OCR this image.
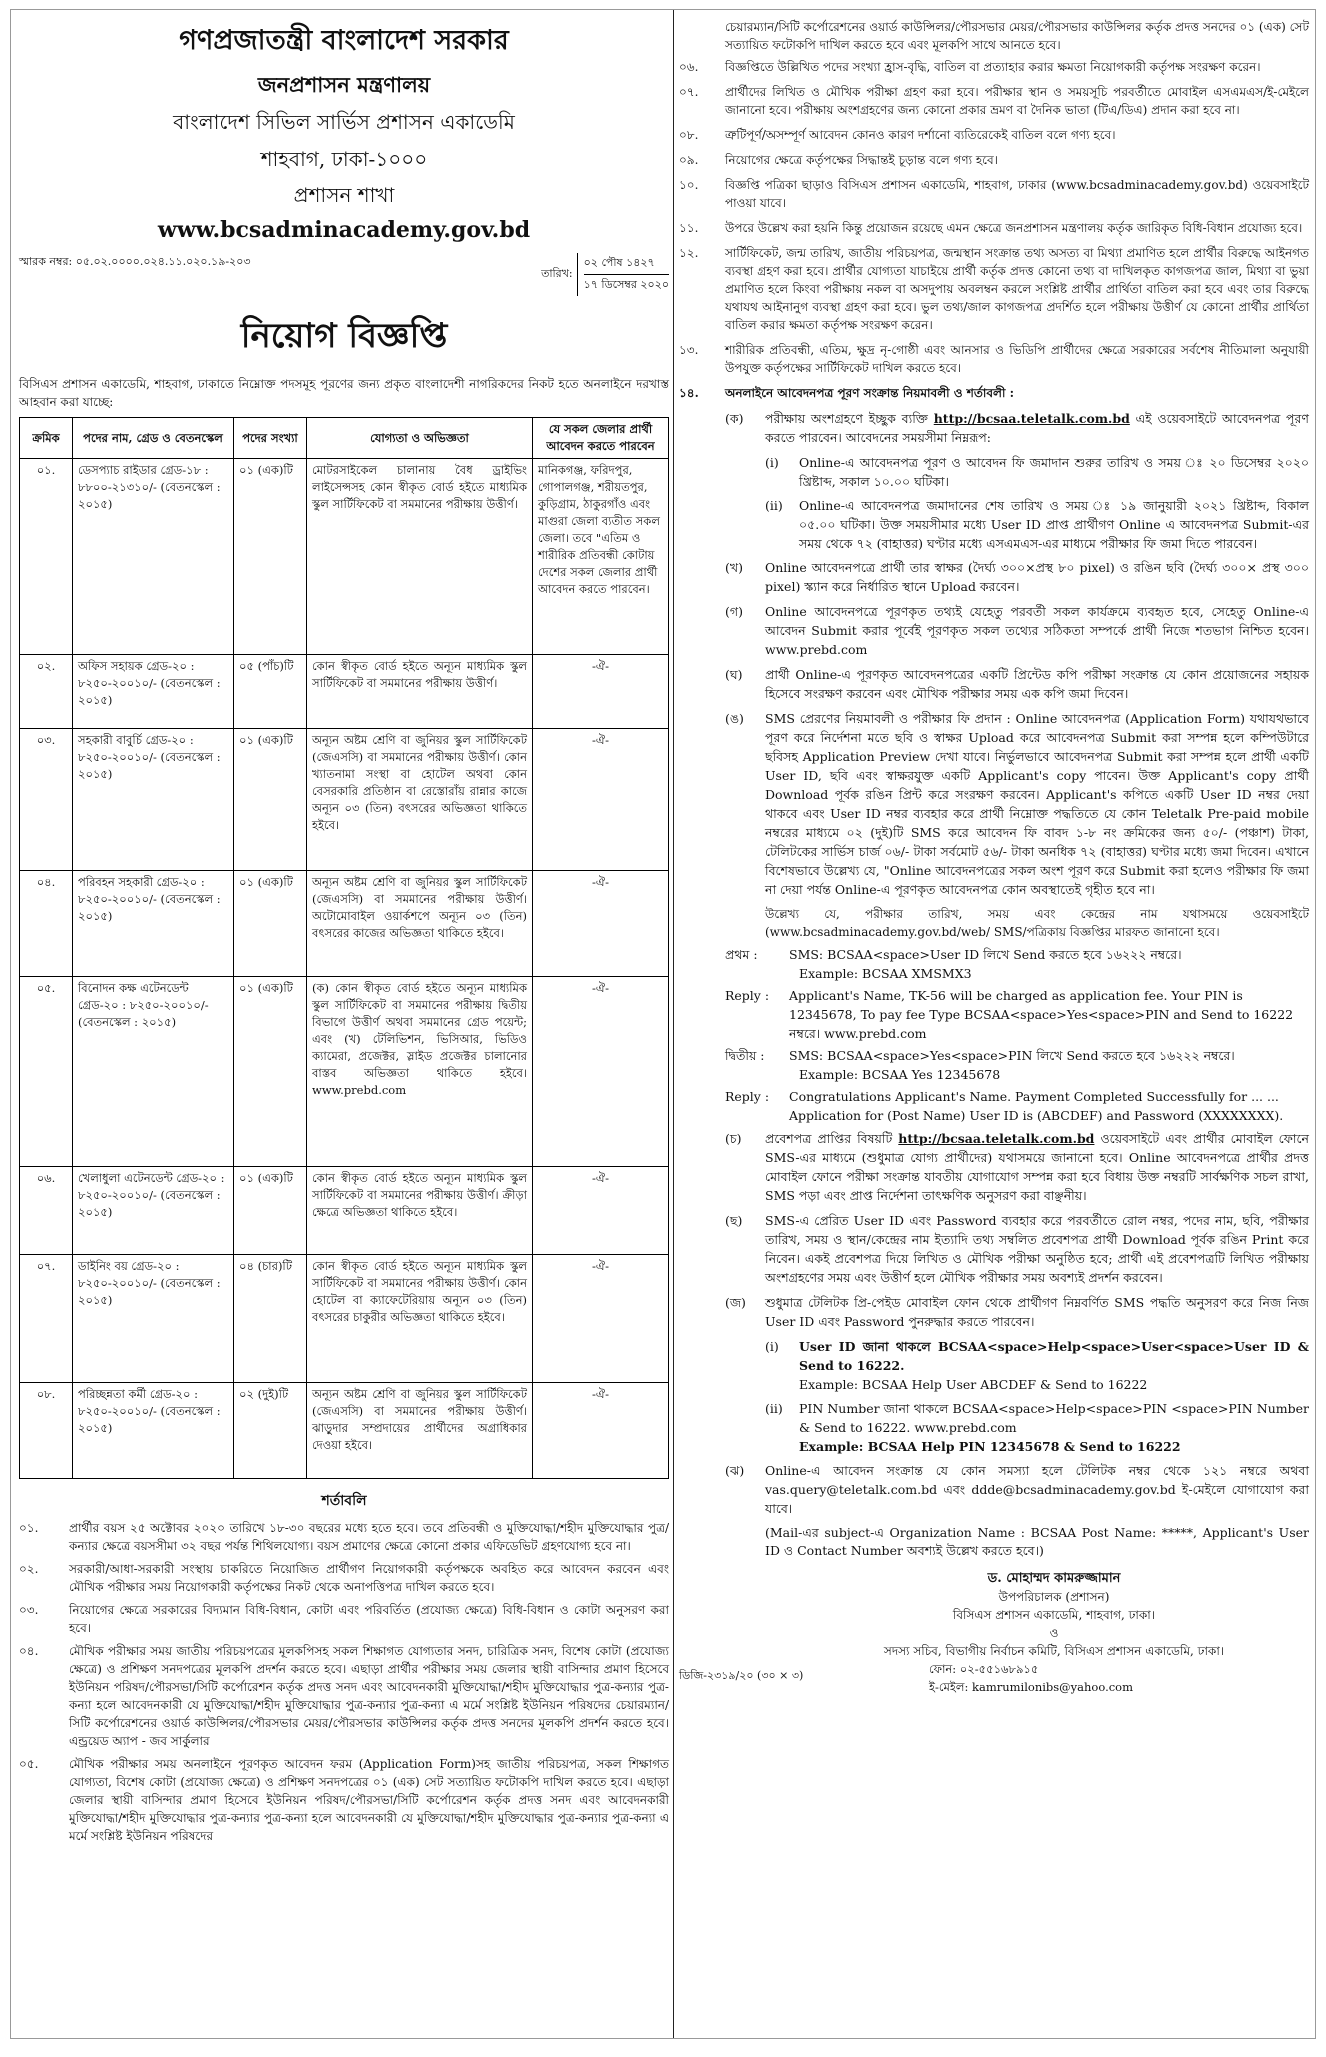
গণপ্রজাতন্ত্রী বাংলাদেশ সরকার
জনপ্রশাসন মন্ত্রণালয়
বাংলাদেশ সিভিল সার্ভিস প্রশাসন একাডেমি
শাহবাগ, ঢাকা-১০০০
প্রশাসন শাখা
www.bcsadminacademy.gov.bd
স্মারক নম্বর: ০৫.০২.০০০০.০২৪.১১.০২০.১৯-২০৩
তারিখ:
০২ পৌষ ১৪২৭
১৭ ডিসেম্বর ২০২০
নিয়োগ বিজ্ঞপ্তি
বিসিএস প্রশাসন একাডেমি, শাহবাগ, ঢাকাতে নিম্নোক্ত পদসমূহ পূরণের জন্য প্রকৃত বাংলাদেশী নাগরিকদের নিকট হতে অনলাইনে দরখাস্ত আহবান করা যাচ্ছে:
ক্রমিক	পদের নাম, গ্রেড ও বেতনস্কেল	পদের সংখ্যা	যোগ্যতা ও অভিজ্ঞতা	যে সকল জেলার প্রার্থী আবেদন করতে পারবেন
০১.	ডেসপ্যাচ রাইডার গ্রেড-১৮ : ৮৮০০-২১৩১০/- (বেতনস্কেল : ২০১৫)	০১ (এক)টি	মোটরসাইকেল চালানায় বৈধ ড্রাইভিং লাইসেন্সসহ কোন স্বীকৃত বোর্ড হইতে মাধ্যমিক স্কুল সার্টিফিকেট বা সমমানের পরীক্ষায় উত্তীর্ণ।	মানিকগঞ্জ, ফরিদপুর, গোপালগঞ্জ, শরীয়তপুর, কুড়িগ্রাম, ঠাকুরগাঁও এবং মাগুরা জেলা ব্যতীত সকল জেলা। তবে "এতিম ও শারীরিক প্রতিবন্ধী কোটায় দেশের সকল জেলার প্রার্থী আবেদন করতে পারবেন।
০২.	অফিস সহায়ক গ্রেড-২০ : ৮২৫০-২০০১০/- (বেতনস্কেল : ২০১৫)	০৫ (পাঁচ)টি	কোন স্বীকৃত বোর্ড হইতে অন্যূন মাধ্যমিক স্কুল সার্টিফিকেট বা সমমানের পরীক্ষায় উত্তীর্ণ।	-ঐ-
০৩.	সহকারী বাবুর্চি গ্রেড-২০ : ৮২৫০-২০০১০/- (বেতনস্কেল : ২০১৫)	০১ (এক)টি	অন্যূন অষ্টম শ্রেণি বা জুনিয়র স্কুল সার্টিফিকেট (জেএসসি) বা সমমানের পরীক্ষায় উত্তীর্ণ। কোন খ্যাতনামা সংস্থা বা হোটেল অথবা কোন বেসরকারি প্রতিষ্ঠান বা রেস্তোরাঁয় রান্নার কাজে অন্যূন ০৩ (তিন) বৎসরের অভিজ্ঞতা থাকিতে হইবে।	-ঐ-
০৪.	পরিবহন সহকারী গ্রেড-২০ : ৮২৫০-২০০১০/- (বেতনস্কেল : ২০১৫)	০১ (এক)টি	অন্যূন অষ্টম শ্রেণি বা জুনিয়র স্কুল সার্টিফিকেট (জেএসসি) বা সমমানের পরীক্ষায় উত্তীর্ণ। অটোমোবাইল ওয়ার্কশপে অন্যূন ০৩ (তিন) বৎসরের কাজের অভিজ্ঞতা থাকিতে হইবে।	-ঐ-
০৫.	বিনোদন কক্ষ এটেনডেন্ট গ্রেড-২০ : ৮২৫০-২০০১০/- (বেতনস্কেল : ২০১৫)	০১ (এক)টি	(ক) কোন স্বীকৃত বোর্ড হইতে অন্যূন মাধ্যমিক স্কুল সার্টিফিকেট বা সমমানের পরীক্ষায় দ্বিতীয় বিভাগে উত্তীর্ণ অথবা সমমানের গ্রেড পয়েন্ট; এবং (খ) টেলিভিশন, ভিসিআর, ভিডিও ক্যামেরা, প্রজেক্টর, স্লাইড প্রজেক্টর চালানোর বাস্তব অভিজ্ঞতা থাকিতে হইবে। www.prebd.com	-ঐ-
০৬.	খেলাধুলা এটেনডেন্ট গ্রেড-২০ : ৮২৫০-২০০১০/- (বেতনস্কেল : ২০১৫)	০১ (এক)টি	কোন স্বীকৃত বোর্ড হইতে অন্যূন মাধ্যমিক স্কুল সার্টিফিকেট বা সমমানের পরীক্ষায় উত্তীর্ণ। ক্রীড়া ক্ষেত্রে অভিজ্ঞতা থাকিতে হইবে।	-ঐ-
০৭.	ডাইনিং বয় গ্রেড-২০ : ৮২৫০-২০০১০/- (বেতনস্কেল : ২০১৫)	০৪ (চার)টি	কোন স্বীকৃত বোর্ড হইতে অন্যূন মাধ্যমিক স্কুল সার্টিফিকেট বা সমমানের পরীক্ষায় উত্তীর্ণ। কোন হোটেল বা ক্যাফেটেরিয়ায় অন্যূন ০৩ (তিন) বৎসরের চাকুরীর অভিজ্ঞতা থাকিতে হইবে।	-ঐ-
০৮.	পরিচ্ছন্নতা কর্মী গ্রেড-২০ : ৮২৫০-২০০১০/- (বেতনস্কেল : ২০১৫)	০২ (দুই)টি	অন্যূন অষ্টম শ্রেণি বা জুনিয়র স্কুল সার্টিফিকেট (জেএসসি) বা সমমানের পরীক্ষায় উত্তীর্ণ। ঝাড়ুদার সম্প্রদায়ের প্রার্থীদের অগ্রাধিকার দেওয়া হইবে।	-ঐ-
শর্তাবলি
০১.	প্রার্থীর বয়স ২৫ অক্টোবর ২০২০ তারিখে ১৮-৩০ বছরের মধ্যে হতে হবে। তবে প্রতিবন্ধী ও মুক্তিযোদ্ধা/শহীদ মুক্তিযোদ্ধার পুত্র/ কন্যার ক্ষেত্রে বয়সসীমা ৩২ বছর পর্যন্ত শিথিলযোগ্য। বয়স প্রমাণের ক্ষেত্রে কোনো প্রকার এফিডেভিট গ্রহণযোগ্য হবে না।
০২.	সরকারী/আধা-সরকারী সংস্থায় চাকরিতে নিয়োজিত প্রার্থীগণ নিয়োগকারী কর্তৃপক্ষকে অবহিত করে আবেদন করবেন এবং মৌখিক পরীক্ষার সময় নিয়োগকারী কর্তৃপক্ষের নিকট থেকে অনাপত্তিপত্র দাখিল করতে হবে।
০৩.	নিয়োগের ক্ষেত্রে সরকারের বিদ্যমান বিধি-বিধান, কোটা এবং পরিবর্তিত (প্রযোজ্য ক্ষেত্রে) বিধি-বিধান ও কোটা অনুসরণ করা হবে।
০৪.	মৌখিক পরীক্ষার সময় জাতীয় পরিচয়পত্রের মূলকপিসহ সকল শিক্ষাগত যোগ্যতার সনদ, চারিত্রিক সনদ, বিশেষ কোটা (প্রযোজ্য ক্ষেত্রে) ও প্রশিক্ষণ সনদপত্রের মূলকপি প্রদর্শন করতে হবে। এছাড়া প্রার্থীর পরীক্ষার সময় জেলার স্থায়ী বাসিন্দার প্রমাণ হিসেবে ইউনিয়ন পরিষদ/পৌরসভা/সিটি কর্পোরেশন কর্তৃক প্রদত্ত সনদ এবং আবেদনকারী মুক্তিযোদ্ধা/শহীদ মুক্তিযোদ্ধার পুত্র-কন্যার পুত্র-কন্যা হলে আবেদনকারী যে মুক্তিযোদ্ধা/শহীদ মুক্তিযোদ্ধার পুত্র-কন্যার পুত্র-কন্যা এ মর্মে সংশ্লিষ্ট ইউনিয়ন পরিষদের চেয়ারম্যান/সিটি কর্পোরেশনের ওয়ার্ড কাউন্সিলর/পৌরসভার মেয়র/পৌরসভার কাউন্সিলর কর্তৃক প্রদত্ত সনদের মূলকপি প্রদর্শন করতে হবে। এন্ড্রয়েড অ্যাপ - জব সার্কুলার
০৫.	মৌখিক পরীক্ষার সময় অনলাইনে পূরণকৃত আবেদন ফরম (Application Form)সহ জাতীয় পরিচয়পত্র, সকল শিক্ষাগত যোগ্যতা, বিশেষ কোটা (প্রযোজ্য ক্ষেত্রে) ও প্রশিক্ষণ সনদপত্রের ০১ (এক) সেট সত্যায়িত ফটোকপি দাখিল করতে হবে। এছাড়া জেলার স্থায়ী বাসিন্দার প্রমাণ হিসেবে ইউনিয়ন পরিষদ/পৌরসভা/সিটি কর্পোরেশন কর্তৃক প্রদত্ত সনদ এবং আবেদনকারী মুক্তিযোদ্ধা/শহীদ মুক্তিযোদ্ধার পুত্র-কন্যার পুত্র-কন্যা হলে আবেদনকারী যে মুক্তিযোদ্ধা/শহীদ মুক্তিযোদ্ধার পুত্র-কন্যার পুত্র-কন্যা এ মর্মে সংশ্লিষ্ট ইউনিয়ন পরিষদের
চেয়ারম্যান/সিটি কর্পোরেশনের ওয়ার্ড কাউন্সিলর/পৌরসভার মেয়র/পৌরসভার কাউন্সিলর কর্তৃক প্রদত্ত সনদের ০১ (এক) সেট সত্যায়িত ফটোকপি দাখিল করতে হবে এবং মূলকপি সাথে আনতে হবে।
০৬.	বিজ্ঞপ্তিতে উল্লিখিত পদের সংখ্যা হ্রাস-বৃদ্ধি, বাতিল বা প্রত্যাহার করার ক্ষমতা নিয়োগকারী কর্তৃপক্ষ সংরক্ষণ করেন।
০৭.	প্রার্থীদের লিখিত ও মৌখিক পরীক্ষা গ্রহণ করা হবে। পরীক্ষার স্থান ও সময়সূচি পরবর্তীতে মোবাইল এসএমএস/ই-মেইলে জানানো হবে। পরীক্ষায় অংশগ্রহণের জন্য কোনো প্রকার ভ্রমণ বা দৈনিক ভাতা (টিএ/ডিএ) প্রদান করা হবে না।
০৮.	ত্রুটিপূর্ণ/অসম্পূর্ণ আবেদন কোনও কারণ দর্শানো ব্যতিরেকেই বাতিল বলে গণ্য হবে।
০৯.	নিয়োগের ক্ষেত্রে কর্তৃপক্ষের সিদ্ধান্তই চূড়ান্ত বলে গণ্য হবে।
১০.	বিজ্ঞপ্তি পত্রিকা ছাড়াও বিসিএস প্রশাসন একাডেমি, শাহবাগ, ঢাকার (www.bcsadminacademy.gov.bd) ওয়েবসাইটে পাওয়া যাবে।
১১.	উপরে উল্লেখ করা হয়নি কিন্তু প্রয়োজন রয়েছে এমন ক্ষেত্রে জনপ্রশাসন মন্ত্রণালয় কর্তৃক জারিকৃত বিধি-বিধান প্রযোজ্য হবে।
১২.	সার্টিফিকেট, জন্ম তারিখ, জাতীয় পরিচয়পত্র, জন্মস্থান সংক্রান্ত তথ্য অসত্য বা মিথ্যা প্রমাণিত হলে প্রার্থীর বিরুদ্ধে আইনগত ব্যবস্থা গ্রহণ করা হবে। প্রার্থীর যোগ্যতা যাচাইয়ে প্রার্থী কর্তৃক প্রদত্ত কোনো তথ্য বা দাখিলকৃত কাগজপত্র জাল, মিথ্যা বা ভুয়া প্রমাণিত হলে কিংবা পরীক্ষায় নকল বা অসদুপায় অবলম্বন করলে সংশ্লিষ্ট প্রার্থীর প্রার্থিতা বাতিল করা হবে এবং তার বিরুদ্ধে যথাযথ আইনানুগ ব্যবস্থা গ্রহণ করা হবে। ভুল তথ্য/জাল কাগজপত্র প্রদর্শিত হলে পরীক্ষায় উত্তীর্ণ যে কোনো প্রার্থীর প্রার্থিতা বাতিল করার ক্ষমতা কর্তৃপক্ষ সংরক্ষণ করেন।
১৩.	শারীরিক প্রতিবন্ধী, এতিম, ক্ষুদ্র নৃ-গোষ্ঠী এবং আনসার ও ভিডিপি প্রার্থীদের ক্ষেত্রে সরকারের সর্বশেষ নীতিমালা অনুযায়ী উপযুক্ত কর্তৃপক্ষের সার্টিফিকেট দাখিল করতে হবে।
১৪.	অনলাইনে আবেদনপত্র পূরণ সংক্রান্ত নিয়মাবলী ও শর্তাবলী :
(ক)	পরীক্ষায় অংশগ্রহণে ইচ্ছুক ব্যক্তি http://bcsaa.teletalk.com.bd এই ওয়েবসাইটে আবেদনপত্র পূরণ করতে পারবেন। আবেদনের সময়সীমা নিম্নরূপ:
(i)	Online-এ আবেদনপত্র পূরণ ও আবেদন ফি জমাদান শুরুর তারিখ ও সময় ঃ ২০ ডিসেম্বর ২০২০ খ্রিষ্টাব্দ, সকাল ১০.০০ ঘটিকা।
(ii)	Online-এ আবেদনপত্র জমাদানের শেষ তারিখ ও সময় ঃ ১৯ জানুয়ারী ২০২১ খ্রিষ্টাব্দ, বিকাল ০৫.০০ ঘটিকা। উক্ত সময়সীমার মধ্যে User ID প্রাপ্ত প্রার্থীগণ Online এ আবেদনপত্র Submit-এর সময় থেকে ৭২ (বাহাত্তর) ঘণ্টার মধ্যে এসএমএস-এর মাধ্যমে পরীক্ষার ফি জমা দিতে পারবেন।
(খ)	Online আবেদনপত্রে প্রার্থী তার স্বাক্ষর (দৈর্ঘ্য ৩০০×প্রস্থ ৮০ pixel) ও রঙিন ছবি (দৈর্ঘ্য ৩০০× প্রস্থ ৩০০ pixel) স্ক্যান করে নির্ধারিত স্থানে Upload করবেন।
(গ)	Online আবেদনপত্রে পূরণকৃত তথ্যই যেহেতু পরবর্তী সকল কার্যক্রমে ব্যবহৃত হবে, সেহেতু Online-এ আবেদন Submit করার পূর্বেই পূরণকৃত সকল তথ্যের সঠিকতা সম্পর্কে প্রার্থী নিজে শতভাগ নিশ্চিত হবেন। www.prebd.com
(ঘ)	প্রার্থী Online-এ পূরণকৃত আবেদনপত্রের একটি প্রিন্টেড কপি পরীক্ষা সংক্রান্ত যে কোন প্রয়োজনের সহায়ক হিসেবে সংরক্ষণ করবেন এবং মৌখিক পরীক্ষার সময় এক কপি জমা দিবেন।
(ঙ)	SMS প্রেরণের নিয়মাবলী ও পরীক্ষার ফি প্রদান : Online আবেদনপত্র (Application Form) যথাযথভাবে পূরণ করে নির্দেশনা মতে ছবি ও স্বাক্ষর Upload করে আবেদনপত্র Submit করা সম্পন্ন হলে কম্পিউটারে ছবিসহ Application Preview দেখা যাবে। নির্ভুলভাবে আবেদনপত্র Submit করা সম্পন্ন হলে প্রার্থী একটি User ID, ছবি এবং স্বাক্ষরযুক্ত একটি Applicant's copy পাবেন। উক্ত Applicant's copy প্রার্থী Download পূর্বক রঙিন প্রিন্ট করে সংরক্ষণ করবেন। Applicant's কপিতে একটি User ID নম্বর দেয়া থাকবে এবং User ID নম্বর ব্যবহার করে প্রার্থী নিম্নোক্ত পদ্ধতিতে যে কোন Teletalk Pre-paid mobile নম্বরের মাধ্যমে ০২ (দুই)টি SMS করে আবেদন ফি বাবদ ১-৮ নং ক্রমিকের জন্য ৫০/- (পঞ্চাশ) টাকা, টেলিটকের সার্ভিস চার্জ ০৬/- টাকা সর্বমোট ৫৬/- টাকা অনধিক ৭২ (বাহাত্তর) ঘণ্টার মধ্যে জমা দিবেন। এখানে বিশেষভাবে উল্লেখ্য যে, "Online আবেদনপত্রের সকল অংশ পূরণ করে Submit করা হলেও পরীক্ষার ফি জমা না দেয়া পর্যন্ত Online-এ পূরণকৃত আবেদনপত্র কোন অবস্থাতেই গৃহীত হবে না।
উল্লেখ্য যে, পরীক্ষার তারিখ, সময় এবং কেন্দ্রের নাম যথাসময়ে ওয়েবসাইটে (www.bcsadminacademy.gov.bd/web/ SMS/পত্রিকায় বিজ্ঞপ্তির মারফত জানানো হবে।
প্রথম :	SMS: BCSAA<space>User ID লিখে Send করতে হবে ১৬২২২ নম্বরে।
Example: BCSAA XMSMX3
Reply :	Applicant's Name, TK-56 will be charged as application fee. Your PIN is 12345678, To pay fee Type BCSAA<space>Yes<space>PIN and Send to 16222 নম্বরে। www.prebd.com
দ্বিতীয় :	SMS: BCSAA<space>Yes<space>PIN লিখে Send করতে হবে ১৬২২২ নম্বরে।
Example: BCSAA Yes 12345678
Reply :	Congratulations Applicant's Name. Payment Completed Successfully for ... ... Application for (Post Name) User ID is (ABCDEF) and Password (XXXXXXXX).
(চ)	প্রবেশপত্র প্রাপ্তির বিষয়টি http://bcsaa.teletalk.com.bd ওয়েবসাইটে এবং প্রার্থীর মোবাইল ফোনে SMS-এর মাধ্যমে (শুধুমাত্র যোগ্য প্রার্থীদের) যথাসময়ে জানানো হবে। Online আবেদনপত্রে প্রার্থীর প্রদত্ত মোবাইল ফোনে পরীক্ষা সংক্রান্ত যাবতীয় যোগাযোগ সম্পন্ন করা হবে বিধায় উক্ত নম্বরটি সার্বক্ষণিক সচল রাখা, SMS পড়া এবং প্রাপ্ত নির্দেশনা তাৎক্ষণিক অনুসরণ করা বাঞ্ছনীয়।
(ছ)	SMS-এ প্রেরিত User ID এবং Password ব্যবহার করে পরবর্তীতে রোল নম্বর, পদের নাম, ছবি, পরীক্ষার তারিখ, সময় ও স্থান/কেন্দ্রের নাম ইত্যাদি তথ্য সম্বলিত প্রবেশপত্র প্রার্থী Download পূর্বক রঙিন Print করে নিবেন। একই প্রবেশপত্র দিয়ে লিখিত ও মৌখিক পরীক্ষা অনুষ্ঠিত হবে; প্রার্থী এই প্রবেশপত্রটি লিখিত পরীক্ষায় অংশগ্রহণের সময় এবং উত্তীর্ণ হলে মৌখিক পরীক্ষার সময় অবশ্যই প্রদর্শন করবেন।
(জ)	শুধুমাত্র টেলিটক প্রি-পেইড মোবাইল ফোন থেকে প্রার্থীগণ নিম্নবর্ণিত SMS পদ্ধতি অনুসরণ করে নিজ নিজ User ID এবং Password পুনরুদ্ধার করতে পারবেন।
(i)	User ID জানা থাকলে BCSAA<space>Help<space>User<space>User ID & Send to 16222.
Example: BCSAA Help User ABCDEF & Send to 16222
(ii)	PIN Number জানা থাকলে BCSAA<space>Help<space>PIN <space>PIN Number & Send to 16222. www.prebd.com
Example: BCSAA Help PIN 12345678 & Send to 16222
(ঝ)	Online-এ আবেদন সংক্রান্ত যে কোন সমস্যা হলে টেলিটক নম্বর থেকে ১২১ নম্বরে অথবা vas.query@teletalk.com.bd এবং ddde@bcsadminacademy.gov.bd ই-মেইলে যোগাযোগ করা যাবে।
(Mail-এর subject-এ Organization Name : BCSAA Post Name: *****, Applicant's User ID ও Contact Number অবশ্যই উল্লেখ করতে হবে।)
ড. মোহাম্মদ কামরুজ্জামান
উপপরিচালক (প্রশাসন)
বিসিএস প্রশাসন একাডেমি, শাহবাগ, ঢাকা।
ও
সদস্য সচিব, বিভাগীয় নির্বাচন কমিটি, বিসিএস প্রশাসন একাডেমি, ঢাকা।
ফোন: ০২-৫৫১৬৮৯১৫
ই-মেইল: kamrumilonibs@yahoo.com
ডিজি-২৩১৯/২০ (৩০ × ৩)
